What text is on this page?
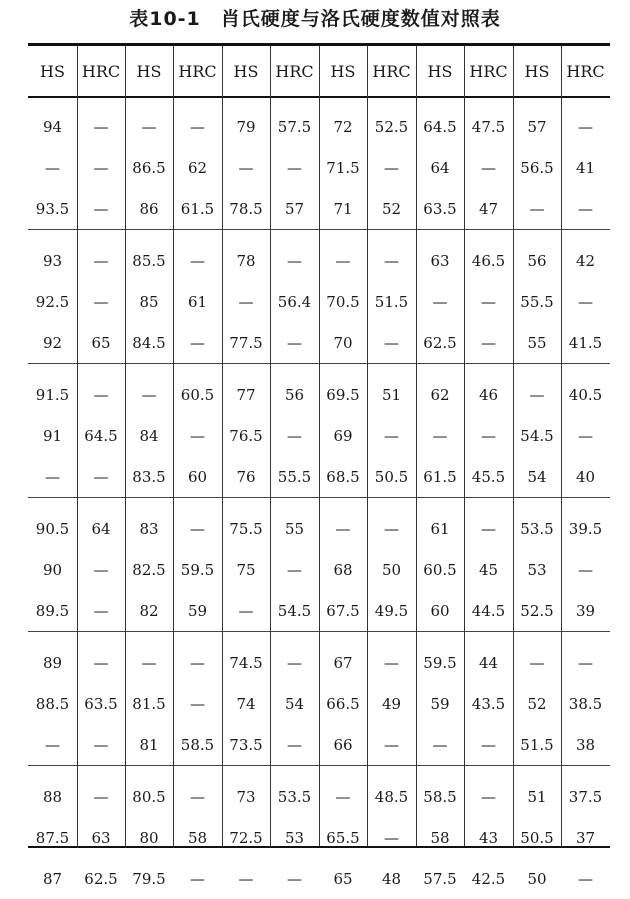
表10-1　肖氏硬度与洛氏硬度数值对照表
HS	HRC	HS	HRC	HS	HRC	HS	HRC	HS	HRC	HS	HRC

94	—	—	—	79	57.5	72	52.5	64.5	47.5	57	—
—	—	86.5	62	—	—	71.5	—	64	—	56.5	41
93.5	—	86	61.5	78.5	57	71	52	63.5	47	—	—

93	—	85.5	—	78	—	—	—	63	46.5	56	42
92.5	—	85	61	—	56.4	70.5	51.5	—	—	55.5	—
92	65	84.5	—	77.5	—	70	—	62.5	—	55	41.5

91.5	—	—	60.5	77	56	69.5	51	62	46	—	40.5
91	64.5	84	—	76.5	—	69	—	—	—	54.5	—
—	—	83.5	60	76	55.5	68.5	50.5	61.5	45.5	54	40

90.5	64	83	—	75.5	55	—	—	61	—	53.5	39.5
90	—	82.5	59.5	75	—	68	50	60.5	45	53	—
89.5	—	82	59	—	54.5	67.5	49.5	60	44.5	52.5	39

89	—	—	—	74.5	—	67	—	59.5	44	—	—
88.5	63.5	81.5	—	74	54	66.5	49	59	43.5	52	38.5
—	—	81	58.5	73.5	—	66	—	—	—	51.5	38

88	—	80.5	—	73	53.5	—	48.5	58.5	—	51	37.5
87.5	63	80	58	72.5	53	65.5	—	58	43	50.5	37
87	62.5	79.5	—	—	—	65	48	57.5	42.5	50	—
